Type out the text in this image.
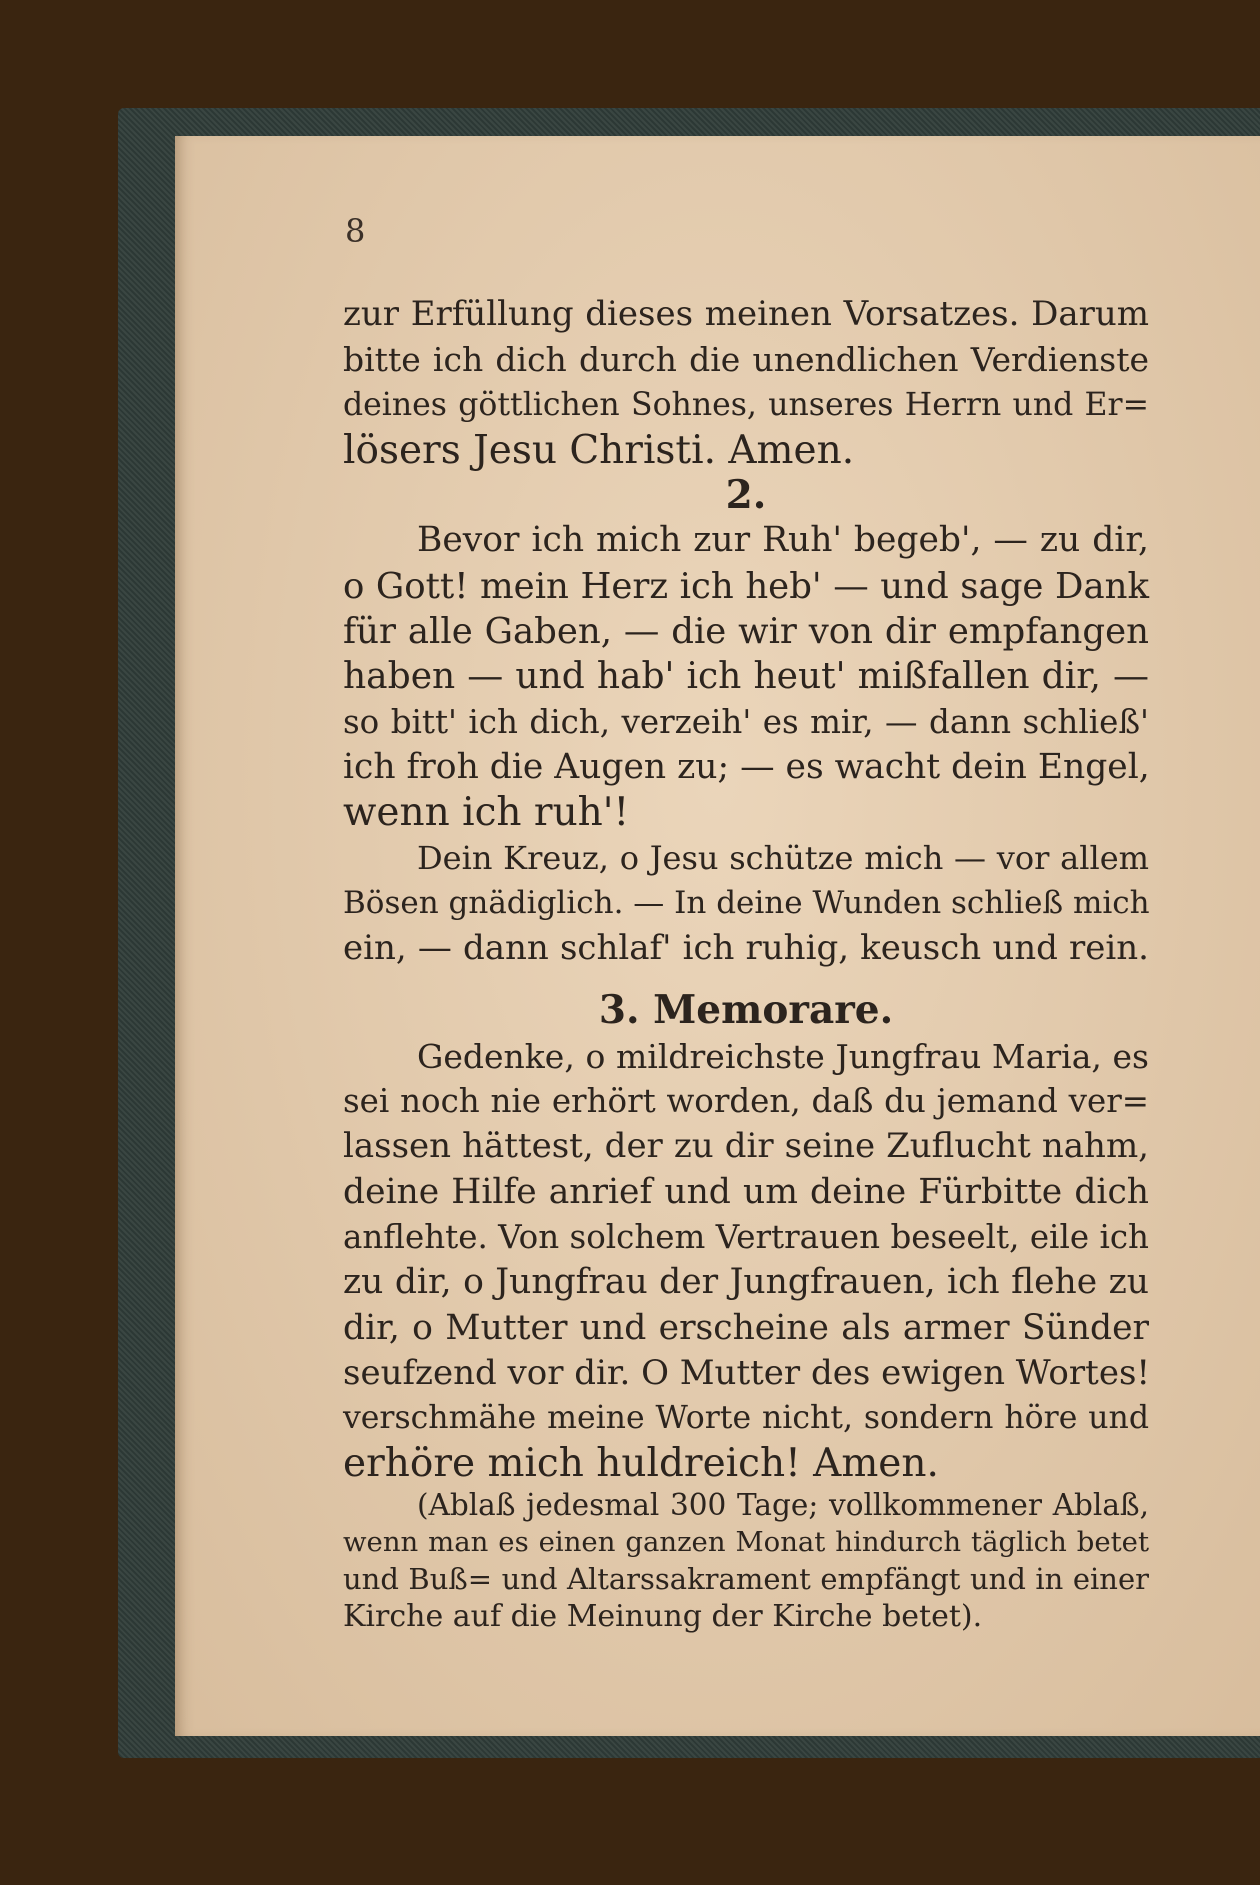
8
zur Erfüllung dieses meinen Vorsatzes. Darum
bitte ich dich durch die unendlichen Verdienste
deines göttlichen Sohnes, unseres Herrn und Er=
lösers Jesu Christi. Amen.
2.
Bevor ich mich zur Ruh' begeb', — zu dir,
o Gott! mein Herz ich heb' — und sage Dank
für alle Gaben, — die wir von dir empfangen
haben — und hab' ich heut' mißfallen dir, —
so bitt' ich dich, verzeih' es mir, — dann schließ'
ich froh die Augen zu; — es wacht dein Engel,
wenn ich ruh'!
Dein Kreuz, o Jesu schütze mich — vor allem
Bösen gnädiglich. — In deine Wunden schließ mich
ein, — dann schlaf' ich ruhig, keusch und rein.
3. Memorare.
Gedenke, o mildreichste Jungfrau Maria, es
sei noch nie erhört worden, daß du jemand ver=
lassen hättest, der zu dir seine Zuflucht nahm,
deine Hilfe anrief und um deine Fürbitte dich
anflehte. Von solchem Vertrauen beseelt, eile ich
zu dir, o Jungfrau der Jungfrauen, ich flehe zu
dir, o Mutter und erscheine als armer Sünder
seufzend vor dir. O Mutter des ewigen Wortes!
verschmähe meine Worte nicht, sondern höre und
erhöre mich huldreich! Amen.
(Ablaß jedesmal 300 Tage; vollkommener Ablaß,
wenn man es einen ganzen Monat hindurch täglich betet
und Buß= und Altarssakrament empfängt und in einer
Kirche auf die Meinung der Kirche betet).
